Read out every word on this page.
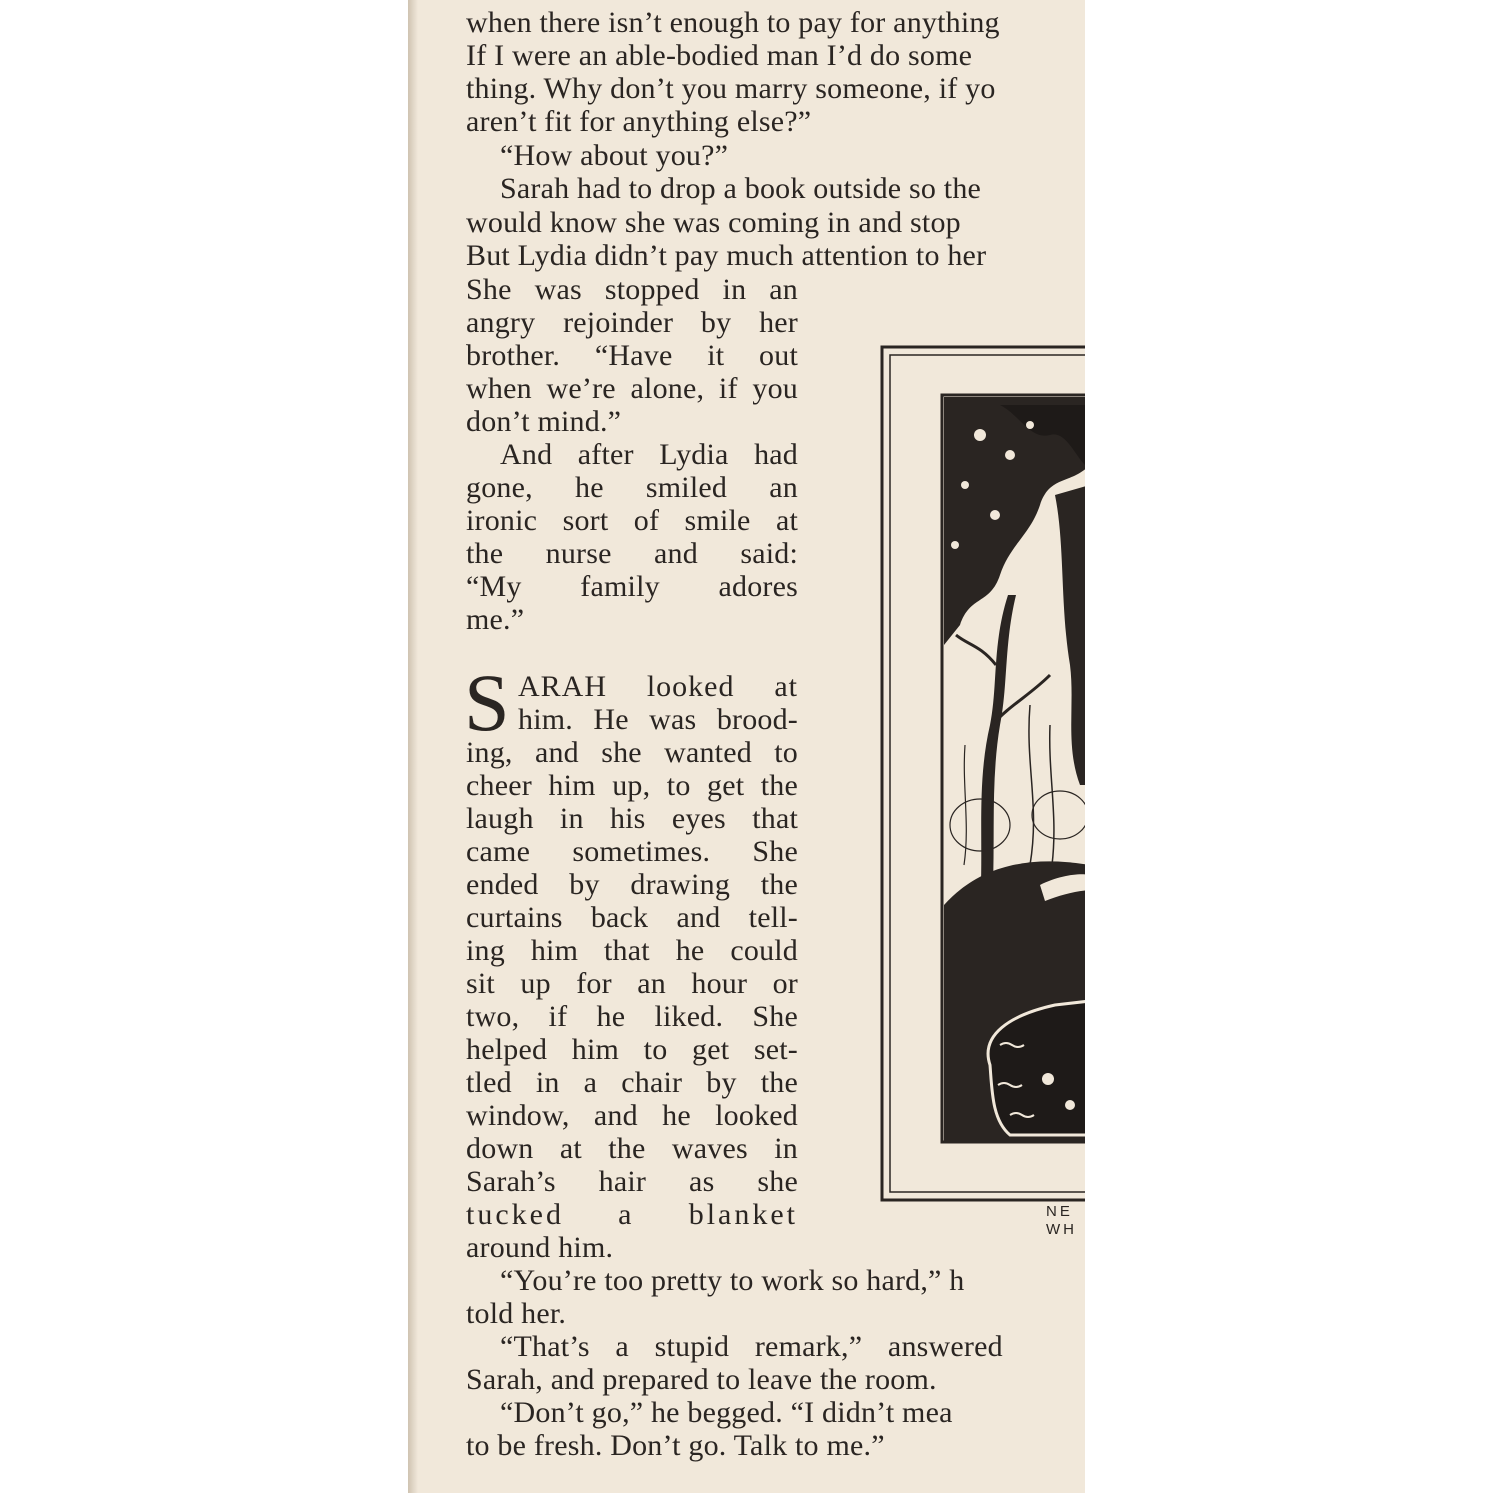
when there isn’t enough to pay for anything
If I were an able-bodied man I’d do some
thing. Why don’t you marry someone, if yo
aren’t fit for anything else?”
“How about you?”
Sarah had to drop a book outside so the
would know she was coming in and stop
But Lydia didn’t pay much attention to her
She was stopped in an
angry rejoinder by her
brother. “Have it out
when we’re alone, if you
don’t mind.”
And after Lydia had
gone, he smiled an
ironic sort of smile at
the nurse and said:
“My family adores
me.”
S ARAH looked at
him. He was brood-
ing, and she wanted to
cheer him up, to get the
laugh in his eyes that
came sometimes. She
ended by drawing the
curtains back and tell-
ing him that he could
sit up for an hour or
two, if he liked. She
helped him to get set-
tled in a chair by the
window, and he looked
down at the waves in
Sarah’s hair as she
tucked a blanket
around him.
“You’re too pretty to work so hard,” h
told her.
“That’s a stupid remark,” answered
Sarah, and prepared to leave the room.
“Don’t go,” he begged. “I didn’t mea
to be fresh. Don’t go. Talk to me.”
NE
WH
